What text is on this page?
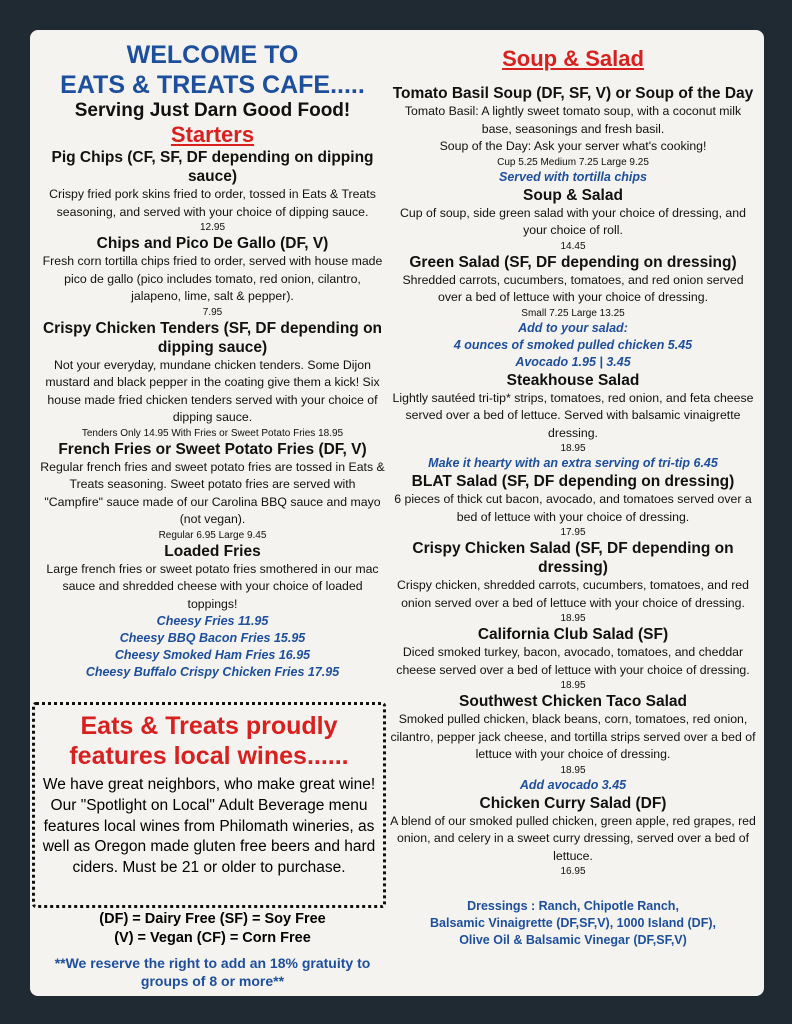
WELCOME TO
EATS & TREATS CAFE.....
Serving Just Darn Good Food!
Starters
Pig Chips (CF, SF, DF depending on dipping sauce)
Crispy fried pork skins fried to order, tossed in Eats & Treats seasoning, and served with your choice of dipping sauce.
12.95
Chips and Pico De Gallo (DF, V)
Fresh corn tortilla chips fried to order, served with house made pico de gallo (pico includes tomato, red onion, cilantro, jalapeno, lime, salt & pepper).
7.95
Crispy Chicken Tenders (SF, DF depending on dipping sauce)
Not your everyday, mundane chicken tenders. Some Dijon mustard and black pepper in the coating give them a kick! Six house made fried chicken tenders served with your choice of dipping sauce.
Tenders Only 14.95 With Fries or Sweet Potato Fries 18.95
French Fries or Sweet Potato Fries (DF, V)
Regular french fries and sweet potato fries are tossed in Eats & Treats seasoning. Sweet potato fries are served with "Campfire" sauce made of our Carolina BBQ sauce and mayo (not vegan).
Regular 6.95 Large 9.45
Loaded Fries
Large french fries or sweet potato fries smothered in our mac sauce and shredded cheese with your choice of loaded toppings!
Cheesy Fries 11.95
Cheesy BBQ Bacon Fries 15.95
Cheesy Smoked Ham Fries 16.95
Cheesy Buffalo Crispy Chicken Fries 17.95
Eats & Treats proudly features local wines......
We have great neighbors, who make great wine! Our "Spotlight on Local" Adult Beverage menu features local wines from Philomath wineries, as well as Oregon made gluten free beers and hard ciders. Must be 21 or older to purchase.
(DF) = Dairy Free (SF) = Soy Free
(V) = Vegan (CF) = Corn Free
**We reserve the right to add an 18% gratuity to groups of 8 or more**
Soup & Salad
Tomato Basil Soup (DF, SF, V) or Soup of the Day
Tomato Basil: A lightly sweet tomato soup, with a coconut milk base, seasonings and fresh basil.
Soup of the Day: Ask your server what's cooking!
Cup 5.25 Medium 7.25 Large 9.25
Served with tortilla chips
Soup & Salad
Cup of soup, side green salad with your choice of dressing, and your choice of roll.
14.45
Green Salad (SF, DF depending on dressing)
Shredded carrots, cucumbers, tomatoes, and red onion served over a bed of lettuce with your choice of dressing.
Small 7.25 Large 13.25
Add to your salad:
4 ounces of smoked pulled chicken 5.45
Avocado 1.95 | 3.45
Steakhouse Salad
Lightly sautéed tri-tip* strips, tomatoes, red onion, and feta cheese served over a bed of lettuce. Served with balsamic vinaigrette dressing.
18.95
Make it hearty with an extra serving of tri-tip 6.45
BLAT Salad (SF, DF depending on dressing)
6 pieces of thick cut bacon, avocado, and tomatoes served over a bed of lettuce with your choice of dressing.
17.95
Crispy Chicken Salad (SF, DF depending on dressing)
Crispy chicken, shredded carrots, cucumbers, tomatoes, and red onion served over a bed of lettuce with your choice of dressing.
18.95
California Club Salad (SF)
Diced smoked turkey, bacon, avocado, tomatoes, and cheddar cheese served over a bed of lettuce with your choice of dressing.
18.95
Southwest Chicken Taco Salad
Smoked pulled chicken, black beans, corn, tomatoes, red onion, cilantro, pepper jack cheese, and tortilla strips served over a bed of lettuce with your choice of dressing.
18.95
Add avocado 3.45
Chicken Curry Salad (DF)
A blend of our smoked pulled chicken, green apple, red grapes, red onion, and celery in a sweet curry dressing, served over a bed of lettuce.
16.95
Dressings : Ranch, Chipotle Ranch,
Balsamic Vinaigrette (DF,SF,V), 1000 Island (DF),
Olive Oil & Balsamic Vinegar (DF,SF,V)
